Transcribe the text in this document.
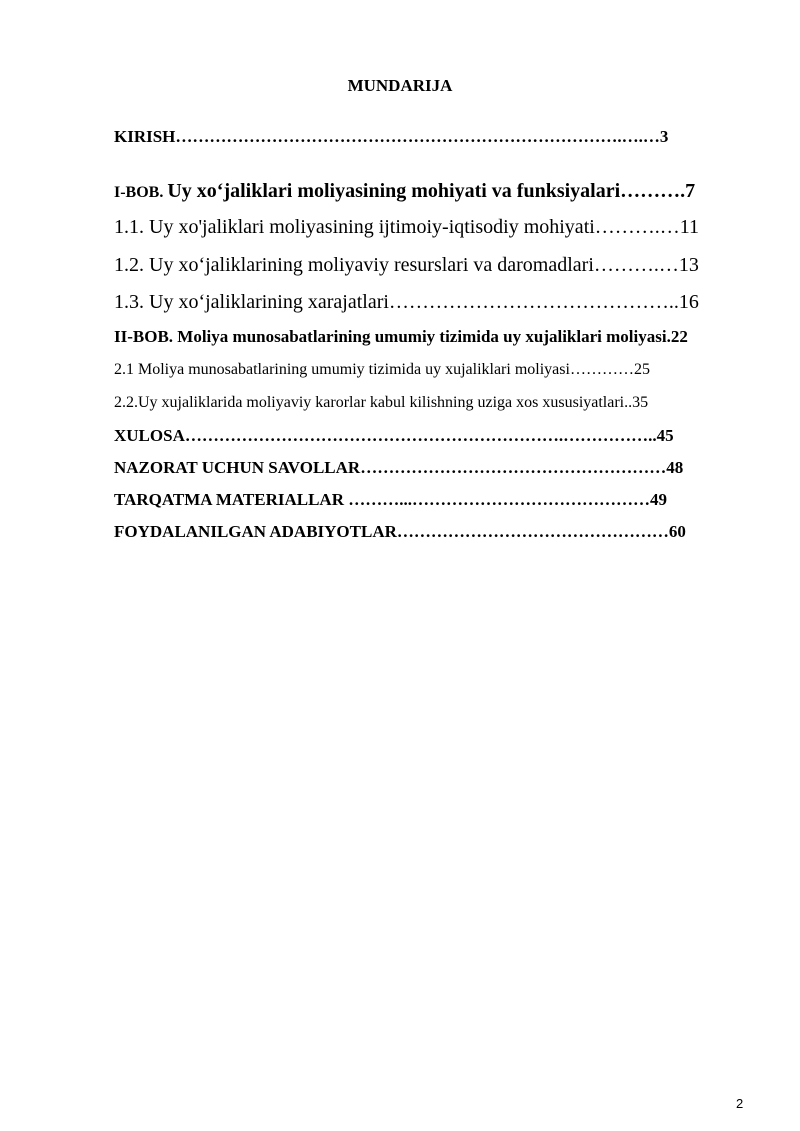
MUNDARIJA

KIRISH…………………………………………………………………….….…3

I-BOB. Uy xo‘jaliklari moliyasining mohiyati va funksiyalari……….7

1.1. Uy xo'jaliklari moliyasining ijtimoiy-iqtisodiy mohiyati……….…11

1.2. Uy xo‘jaliklarining moliyaviy resurslari va daromadlari……….…13

1.3. Uy xo‘jaliklarining xarajatlari……………………………………..16

II-BOB. Moliya munosabatlarining umumiy tizimida uy xujaliklari moliyasi.22

2.1 Moliya munosabatlarining umumiy tizimida uy xujaliklari moliyasi…………25

2.2.Uy xujaliklarida moliyaviy karorlar kabul kilishning uziga xos xususiyatlari..35

XULOSA………………………………………………………….……………..45

NAZORAT UCHUN SAVOLLAR………………………………………………48

TARQATMA MATERIALLAR ………...……………………………………49

FOYDALANILGAN ADABIYOTLAR…………………………………………60

2
